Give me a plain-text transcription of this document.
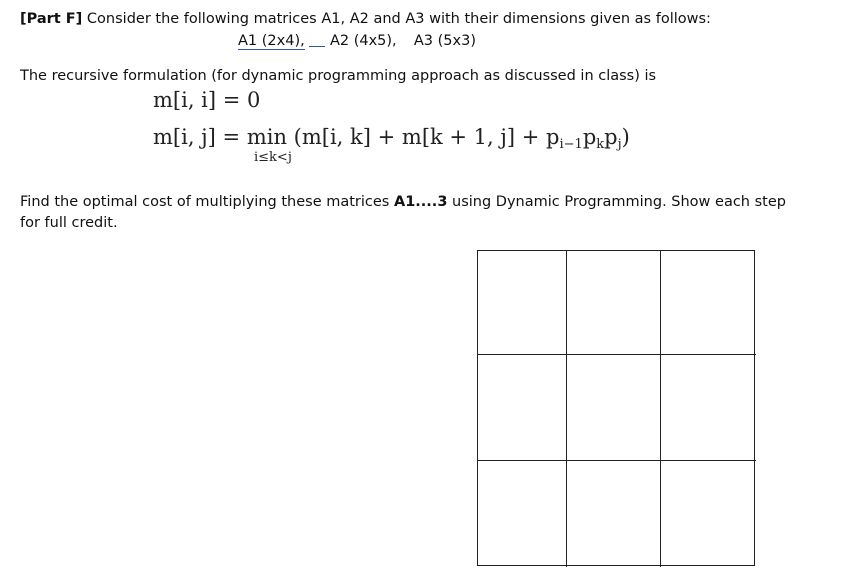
[Part F] Consider the following matrices A1, A2 and A3 with their dimensions given as follows:
A1 (2x4), A2 (4x5), A3 (5x3)
The recursive formulation (for dynamic programming approach as discussed in class) is
m[i, i] = 0
m[i, j] = min (m[i, k] + m[k + 1, j] + pi−1pkpj)
i≤k<j
Find the optimal cost of multiplying these matrices A1....3 using Dynamic Programming. Show each step
for full credit.
